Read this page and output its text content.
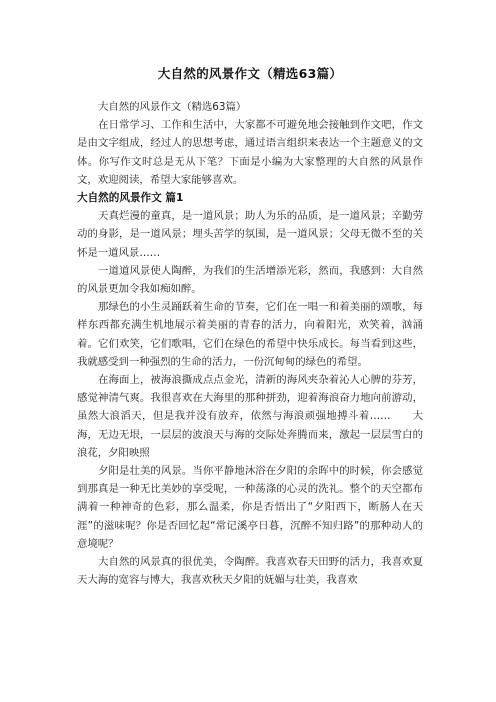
大自然的风景作文（精选63篇）

大自然的风景作文（精选63篇）

在日常学习、工作和生活中，大家都不可避免地会接触到作文吧，作文是由文字组成，经过人的思想考虑，通过语言组织来表达一个主题意义的文体。你写作文时总是无从下笔？下面是小编为大家整理的大自然的风景作文，欢迎阅读，希望大家能够喜欢。

大自然的风景作文 篇1

天真烂漫的童真，是一道风景；助人为乐的品质，是一道风景；辛勤劳动的身影，是一道风景；埋头苦学的氛围，是一道风景；父母无微不至的关怀是一道风景……

一道道风景使人陶醉，为我们的生活增添光彩，然而，我感到：大自然的风景更加令我如痴如醉。

那绿色的小生灵踊跃着生命的节奏，它们在一唱一和着美丽的颂歌，每样东西都充满生机地展示着美丽的青春的活力，向着阳光，欢笑着，汹涌着。它们欢笑，它们歌唱，它们在绿色的希望中快乐成长。每当看到这些，我就感受到一种强烈的生命的活力，一份沉甸甸的绿色的希望。

在海面上，被海浪撕成点点金光，清新的海风夹杂着沁人心脾的芬芳，感觉神清气爽。我很喜欢在大海里的那种拼劲，迎着海浪奋力地向前游动，虽然大浪滔天，但是我并没有放弃，依然与海浪顽强地搏斗着……　　大海，无边无垠，一层层的波浪天与海的交际处奔腾而来，激起一层层雪白的浪花，夕阳映照

夕阳是壮美的风景。当你平静地沐浴在夕阳的余晖中的时候，你会感觉到那真是一种无比美妙的享受呢，一种荡涤的心灵的洗礼。整个的天空都布满着一种神奇的色彩，那么温柔，你是否悟出了“夕阳西下，断肠人在天涯”的滋味呢？你是否回忆起“常记溪亭日暮，沉醉不知归路”的那种动人的意境呢？

大自然的风景真的很优美，令陶醉。我喜欢春天田野的活力，我喜欢夏天大海的宽容与博大，我喜欢秋天夕阳的妩媚与壮美，我喜欢
